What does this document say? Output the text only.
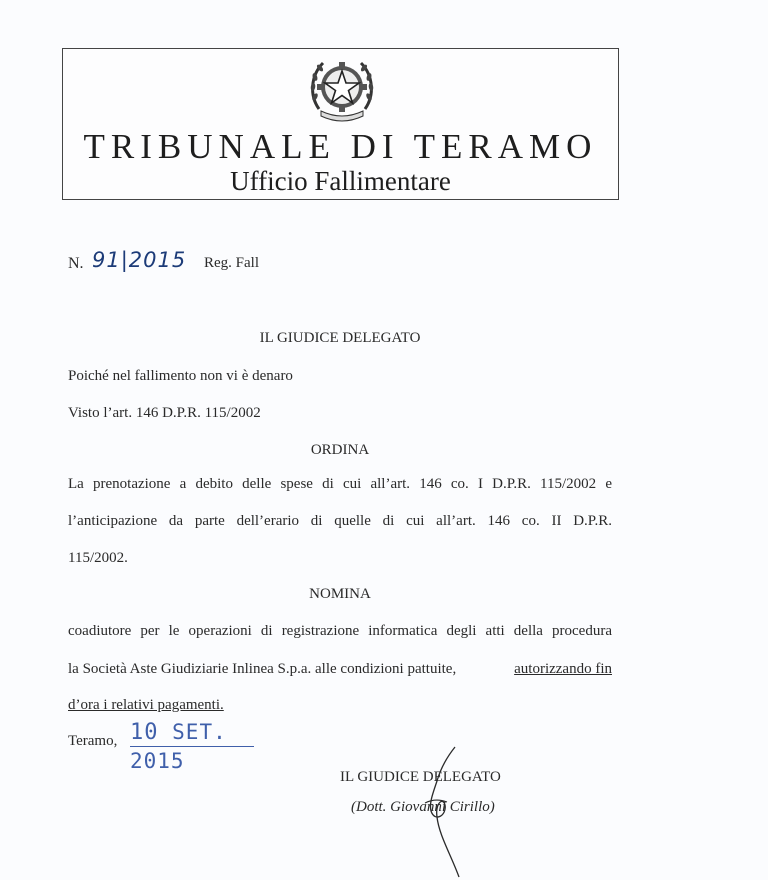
TRIBUNALE DI TERAMO
Ufficio Fallimentare
N. 91|2015 Reg. Fall
IL GIUDICE DELEGATO
Poiché nel fallimento non vi è denaro
Visto l’art. 146 D.P.R. 115/2002
ORDINA
La prenotazione a debito delle spese di cui all’art. 146 co. I D.P.R. 115/2002 e
l’anticipazione da parte dell’erario di quelle di cui all’art. 146 co. II D.P.R.
115/2002.
NOMINA
coadiutore per le operazioni di registrazione informatica degli atti della procedura
la Società Aste Giudiziarie Inlinea S.p.a. alle condizioni pattuite,	autorizzando fin
d’ora i relativi pagamenti.
Teramo, 10 SET. 2015
IL GIUDICE DELEGATO
(Dott. Giovanni Cirillo)
